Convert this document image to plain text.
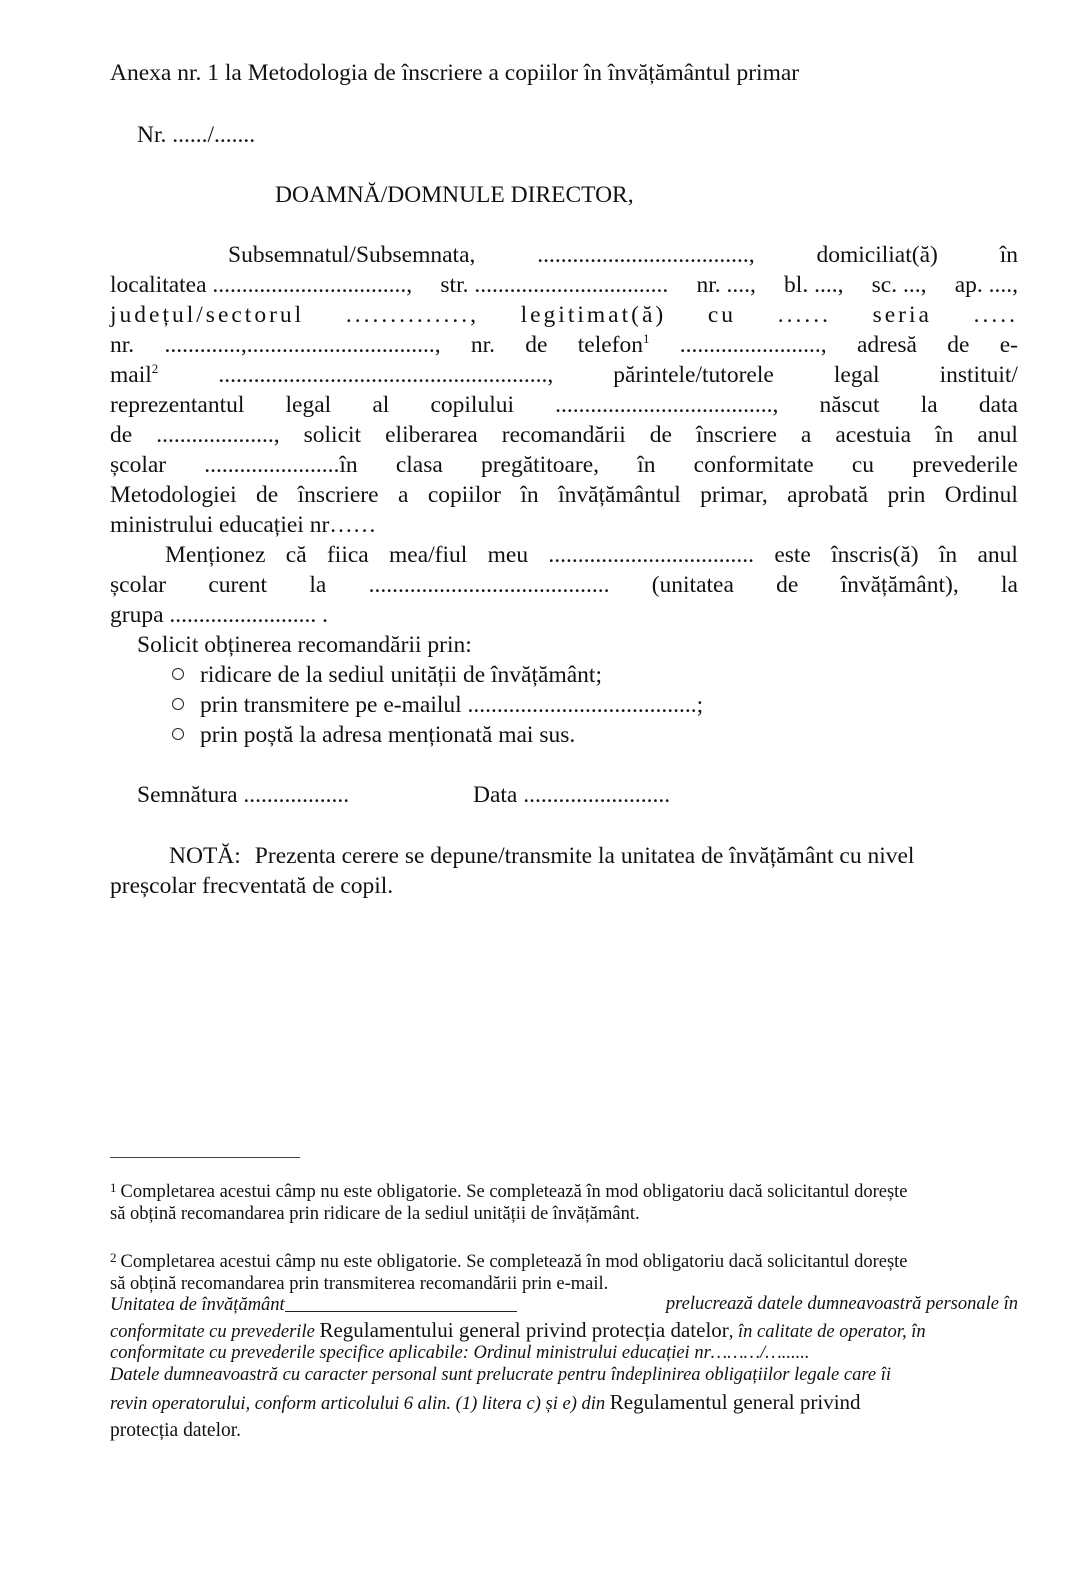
Anexa nr. 1 la Metodologia de înscriere a copiilor în învățământul primar
Nr. ....../.......
DOAMNĂ/DOMNULE DIRECTOR,
Subsemnatul/Subsemnata,	....................................,	domiciliat(ă)	în
localitatea ................................., str. ................................. nr. ...., bl. ...., sc. ..., ap. ....,
județul/sectorul .............., legitimat(ă) cu ...... seria .....
nr. .............,................................, nr. de telefon$^1$ ........................, adresă de e-
mail$^2$	........................................................,	părintele/tutorele	legal	instituit/
reprezentantul legal al copilului ....................................., născut la data
de ...................., solicit eliberarea recomandării de înscriere a acestuia în anul
școlar .......................în clasa pregătitoare, în conformitate cu prevederile
Metodologiei de înscriere a copiilor în învățământul primar, aprobată prin Ordinul
ministrului educației nr……
Menționez că fiica mea/fiul meu ................................... este înscris(ă) în anul
școlar curent la ......................................... (unitatea de învățământ), la
grupa ......................... .
Solicit obținerea recomandării prin:
ridicare de la sediul unității de învățământ;
prin transmitere pe e-mailul .......................................;
prin poștă la adresa menționată mai sus.
Semnătura ..................	Data .........................
NOTĂ: Prezenta cerere se depune/transmite la unitatea de învățământ cu nivel
preșcolar frecventată de copil.
$^1$ Completarea acestui câmp nu este obligatorie. Se completează în mod obligatoriu dacă solicitantul dorește
să obțină recomandarea prin ridicare de la sediul unității de învățământ.
$^2$ Completarea acestui câmp nu este obligatorie. Se completează în mod obligatoriu dacă solicitantul dorește
să obțină recomandarea prin transmiterea recomandării prin e-mail.
Unitatea de învățământ	prelucrează datele dumneavoastră personale în
conformitate cu prevederile Regulamentului general privind protecția datelor, în calitate de operator, în
conformitate cu prevederile specifice aplicabile: Ordinul ministrului educației nr………/…......
Datele dumneavoastră cu caracter personal sunt prelucrate pentru îndeplinirea obligațiilor legale care îi
revin operatorului, conform articolului 6 alin. (1) litera c) și e) din Regulamentul general privind
protecția datelor.
